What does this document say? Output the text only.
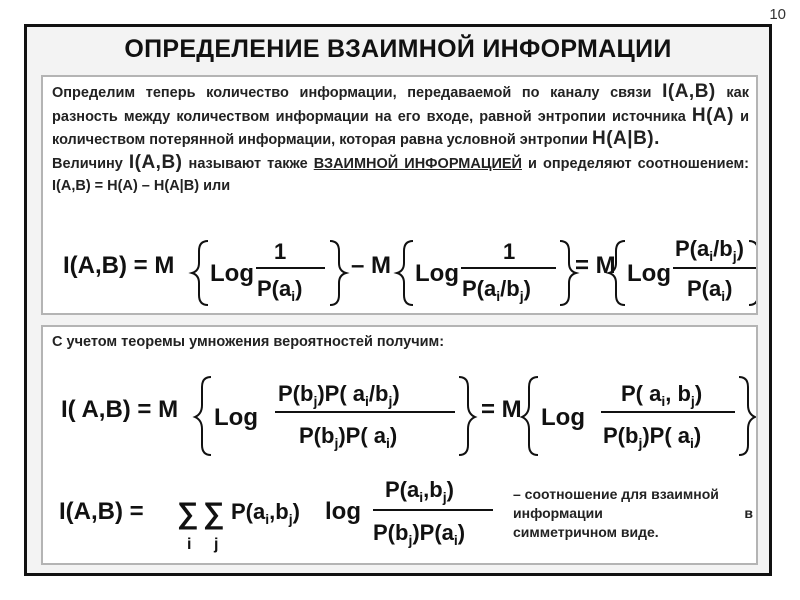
10
ОПРЕДЕЛЕНИЕ ВЗАИМНОЙ ИНФОРМАЦИИ
Определим теперь количество информации, передаваемой по каналу связи I(A,B) как разность между количеством информации на его входе, равной энтропии источника H(A) и количеством потерянной информации, которая равна условной энтропии H(A|B).
Величину I(A,B) называют также ВЗАИМНОЙ ИНФОРМАЦИЕЙ и определяют соотношением: I(A,B) = H(A) – H(A|B) или
I(A,B) = M Log
1
$P(a_i)$
– M Log
1
$P(a_i/b_j)$
= M Log
$P(a_i/b_j)$
$P(a_i)$
С учетом теоремы умножения вероятностей получим:
I( A,B) = M Log
$P(b_j)P$( $a_i/b_j$)
$P(b_j)P$( $a_i$)
= M Log
P( $a_i$, $b_j$)
$P(b_j)P$( $a_i$)
I(A,B) = ∑
i
∑
j
$P(a_i,b_j)$ log
$P(a_i,b_j)$
$P(b_j)P(a_i)$
– соотношение для взаимной
информации	в
симметричном виде.
